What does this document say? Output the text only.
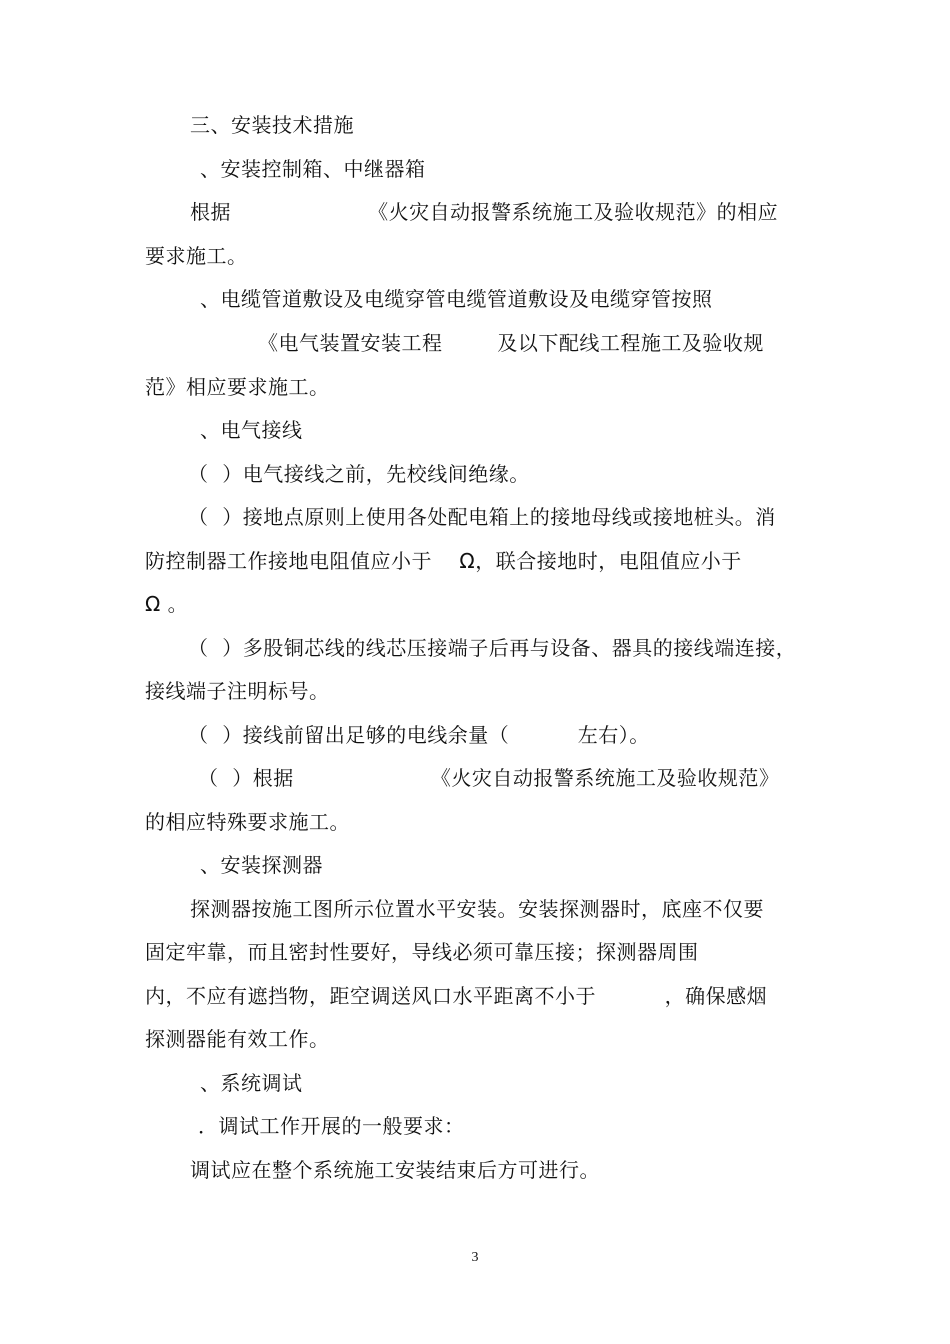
三、安装技术措施
、安装控制箱、中继器箱
根据                    《火灾自动报警系统施工及验收规范》的相应
要求施工。
、电缆管道敷设及电缆穿管电缆管道敷设及电缆穿管按照
《电气装置安装工程        及以下配线工程施工及验收规
范》相应要求施工。
、电气接线
（  ）电气接线之前，先校线间绝缘。
（  ）接地点原则上使用各处配电箱上的接地母线或接地桩头。消
防控制器工作接地电阻值应小于    Ω，联合接地时，电阻值应小于
Ω 。
（  ）多股铜芯线的线芯压接端子后再与设备、器具的接线端连接，
接线端子注明标号。
（  ）接线前留出足够的电线余量（          左右）。
（  ）根据                    《火灾自动报警系统施工及验收规范》
的相应特殊要求施工。
、安装探测器
探测器按施工图所示位置水平安装。安装探测器时，底座不仅要
固定牢靠，而且密封性要好，导线必须可靠压接；探测器周围
内，不应有遮挡物，距空调送风口水平距离不小于          ，确保感烟
探测器能有效工作。
、系统调试
．调试工作开展的一般要求：
调试应在整个系统施工安装结束后方可进行。
3
